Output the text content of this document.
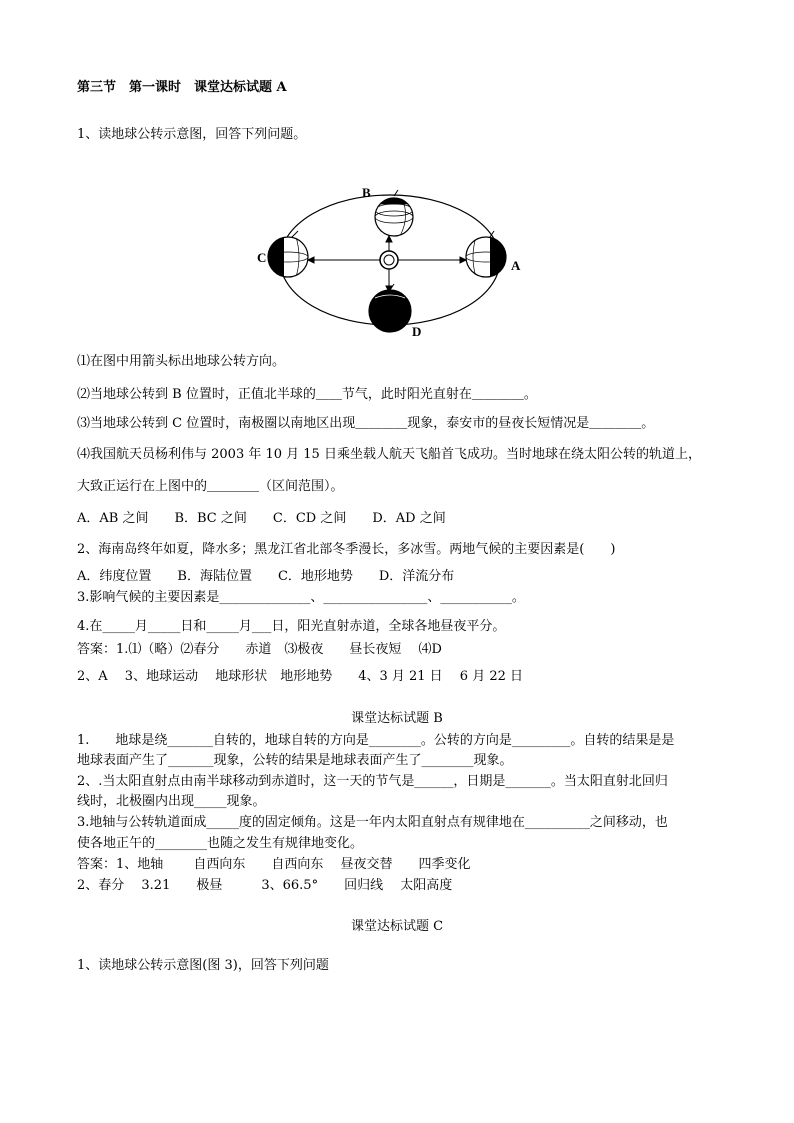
第三节　第一课时　课堂达标试题 A
1、读地球公转示意图，回答下列问题。
B
C
A
D
⑴在图中用箭头标出地球公转方向。
⑵当地球公转到 B 位置时，正值北半球的＿＿节气，此时阳光直射在＿＿＿＿。
⑶当地球公转到 C 位置时，南极圈以南地区出现＿＿＿＿现象，泰安市的昼夜长短情况是＿＿＿＿。
⑷我国航天员杨利伟与 2003 年 10 月 15 日乘坐载人航天飞船首飞成功。当时地球在绕太阳公转的轨道上，
大致正运行在上图中的＿＿＿＿（区间范围）。
A．AB 之间　　B．BC 之间　　C．CD 之间　　D．AD 之间
2、海南岛终年如夏，降水多；黑龙江省北部冬季漫长，多冰雪。两地气候的主要因素是(　　)
A．纬度位置　　B．海陆位置　　C．地形地势　　D．洋流分布
3.影响气候的主要因素是______________、________________、___________。
4.在_____月_____日和_____月___日，阳光直射赤道，全球各地昼夜平分。
答案：1.⑴（略）⑵春分　　赤道　⑶极夜　　昼长夜短　 ⑷D
2、A　 3、地球运动　 地球形状　地形地势　　4、3 月 21 日　 6 月 22 日
课堂达标试题 B
1.　　地球是绕_______自转的，地球自转的方向是________。公转的方向是_________。自转的结果是是
地球表面产生了_______现象，公转的结果是地球表面产生了________现象。
2、.当太阳直射点由南半球移动到赤道时，这一天的节气是______，日期是_______。当太阳直射北回归
线时，北极圈内出现_____现象。
3.地轴与公转轨道面成_____度的固定倾角。这是一年内太阳直射点有规律地在__________之间移动，也
使各地正午的________也随之发生有规律地变化。
答案：1、地轴　　 自西向东　　自西向东　 昼夜交替　　四季变化
2、春分　 3.21　　极昼　　　3、66.5°　　回归线　 太阳高度
课堂达标试题 C
1、读地球公转示意图(图 3)，回答下列问题
